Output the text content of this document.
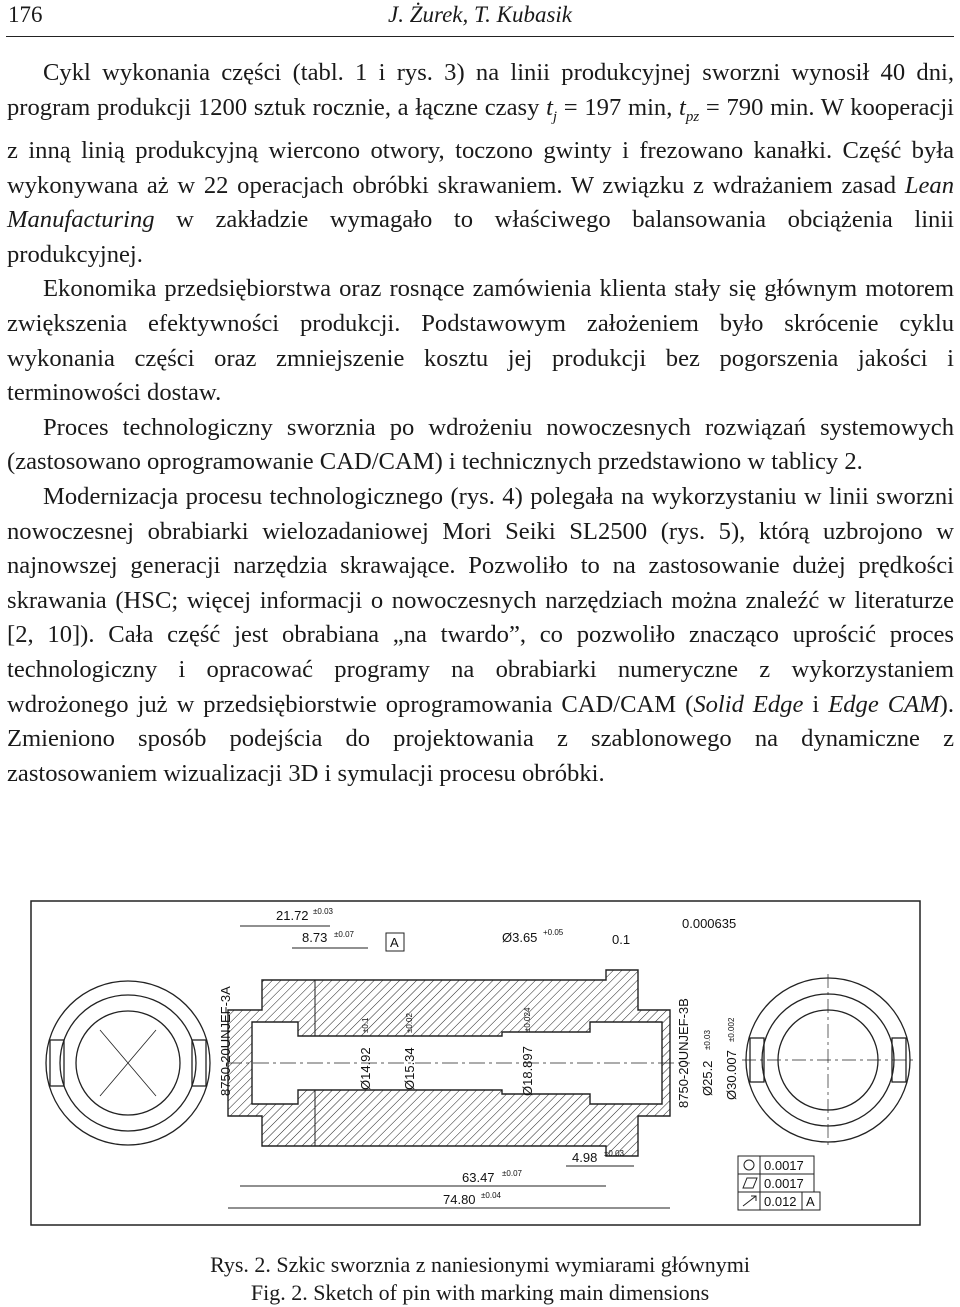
176	J. Żurek, T. Kubasik

Cykl wykonania części (tabl. 1 i rys. 3) na linii produkcyjnej sworzni wynosił 40 dni, program produkcji 1200 sztuk rocznie, a łączne czasy $t_j = 197$ min, $t_{pz} = 790$ min. W kooperacji z inną linią produkcyjną wiercono otwory, toczono gwinty i frezowano kanałki. Część była wykonywana aż w 22 operacjach obróbki skrawaniem. W związku z wdrażaniem zasad Lean Manufacturing w zakładzie wymagało to właściwego balansowania obciążenia linii produkcyjnej.

Ekonomika przedsiębiorstwa oraz rosnące zamówienia klienta stały się głównym motorem zwiększenia efektywności produkcji. Podstawowym założeniem było skrócenie cyklu wykonania części oraz zmniejszenie kosztu jej produkcji bez pogorszenia jakości i terminowości dostaw.

Proces technologiczny sworznia po wdrożeniu nowoczesnych rozwiązań systemowych (zastosowano oprogramowanie CAD/CAM) i technicznych przedstawiono w tablicy 2.

Modernizacja procesu technologicznego (rys. 4) polegała na wykorzystaniu w linii sworzni nowoczesnej obrabiarki wielozadaniowej Mori Seiki SL2500 (rys. 5), którą uzbrojono w najnowszej generacji narzędzia skrawające. Pozwoliło to na zastosowanie dużej prędkości skrawania (HSC; więcej informacji o nowoczesnych narzędziach można znaleźć w literaturze [2, 10]). Cała część jest obrabiana „na twardo”, co pozwoliło znacząco uprościć proces technologiczny i opracować programy na obrabiarki numeryczne z wykorzystaniem wdrożonego już w przedsiębiorstwie oprogramowania CAD/CAM (Solid Edge i Edge CAM). Zmieniono sposób podejścia do projektowania z szablonowego na dynamiczne z zastosowaniem wizualizacji 3D i symulacji procesu obróbki.

21.72 ±0.03
8.73 ±0.07
A	Ø3.65 +0.05	0.1
0.000635
8750-20UNJEF-3A	Ø14.92
±0.1
Ø15.34
±0.02
Ø18.897
±0.024	8750-20UNJEF-3B Ø25.2
±0.03
Ø30.007
±0.002
4.98 ±0.03
63.47 ±0.07
74.80 ±0.04
0.0017
0.0017
0.012 A
Rys. 2. Szkic sworznia z naniesionymi wymiarami głównymi
Fig. 2. Sketch of pin with marking main dimensions
